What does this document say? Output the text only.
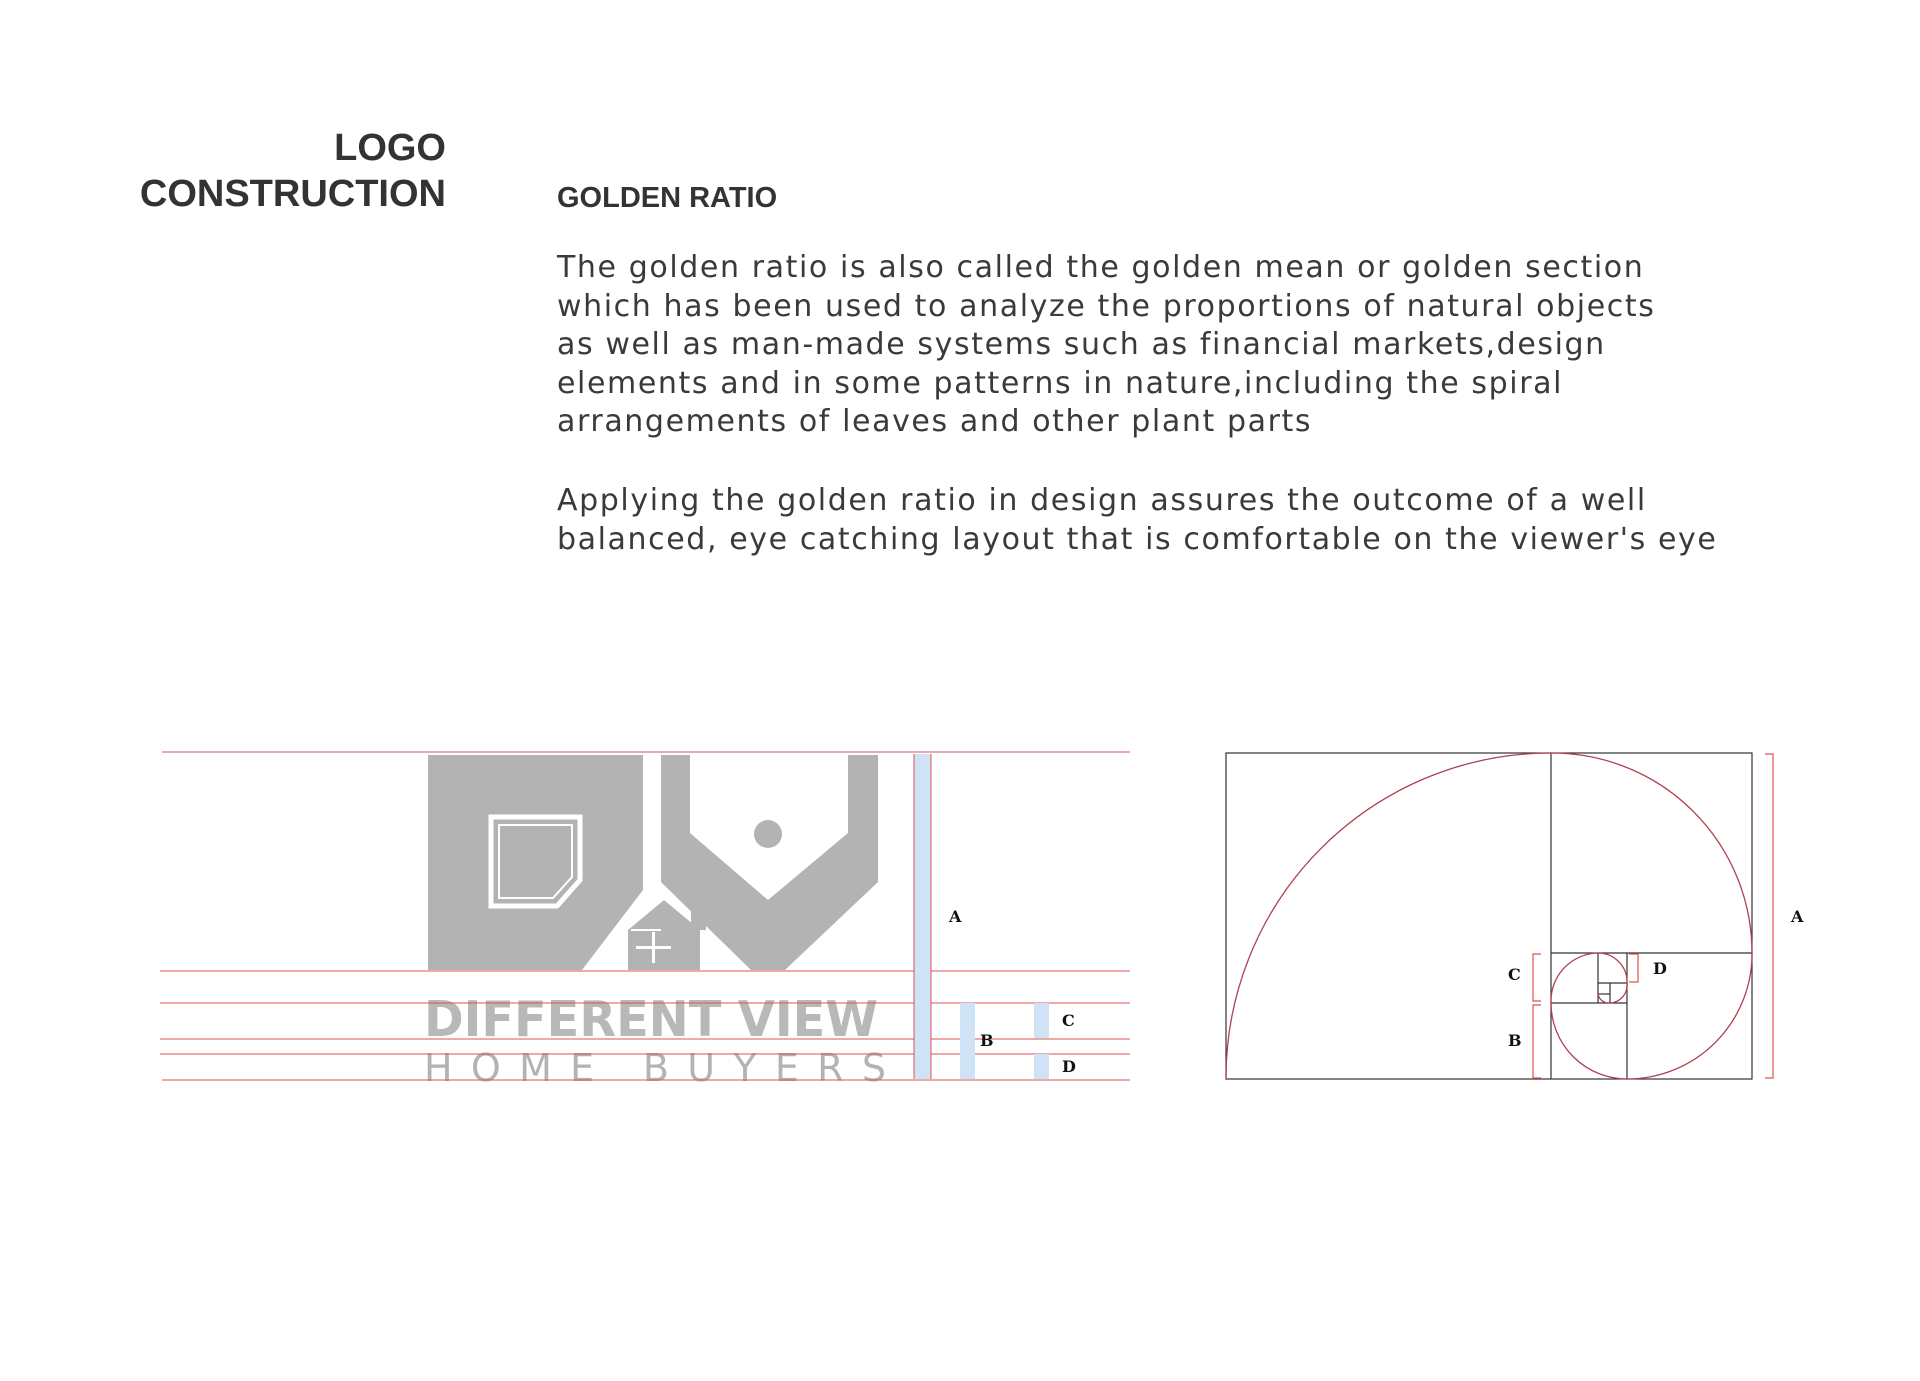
LOGO
CONSTRUCTION	GOLDEN RATIO

The golden ratio is also called the golden mean or golden section
which has been used to analyze the proportions of natural objects
as well as man-made systems such as financial markets,design
elements and in some patterns in nature,including the spiral
arrangements of leaves and other plant parts

Applying the golden ratio in design assures the outcome of a well
balanced, eye catching layout that is comfortable on the viewer's eye

DIFFERENT VIEW
HOME BUYERS
A
B
C
D
A
C
B
D
